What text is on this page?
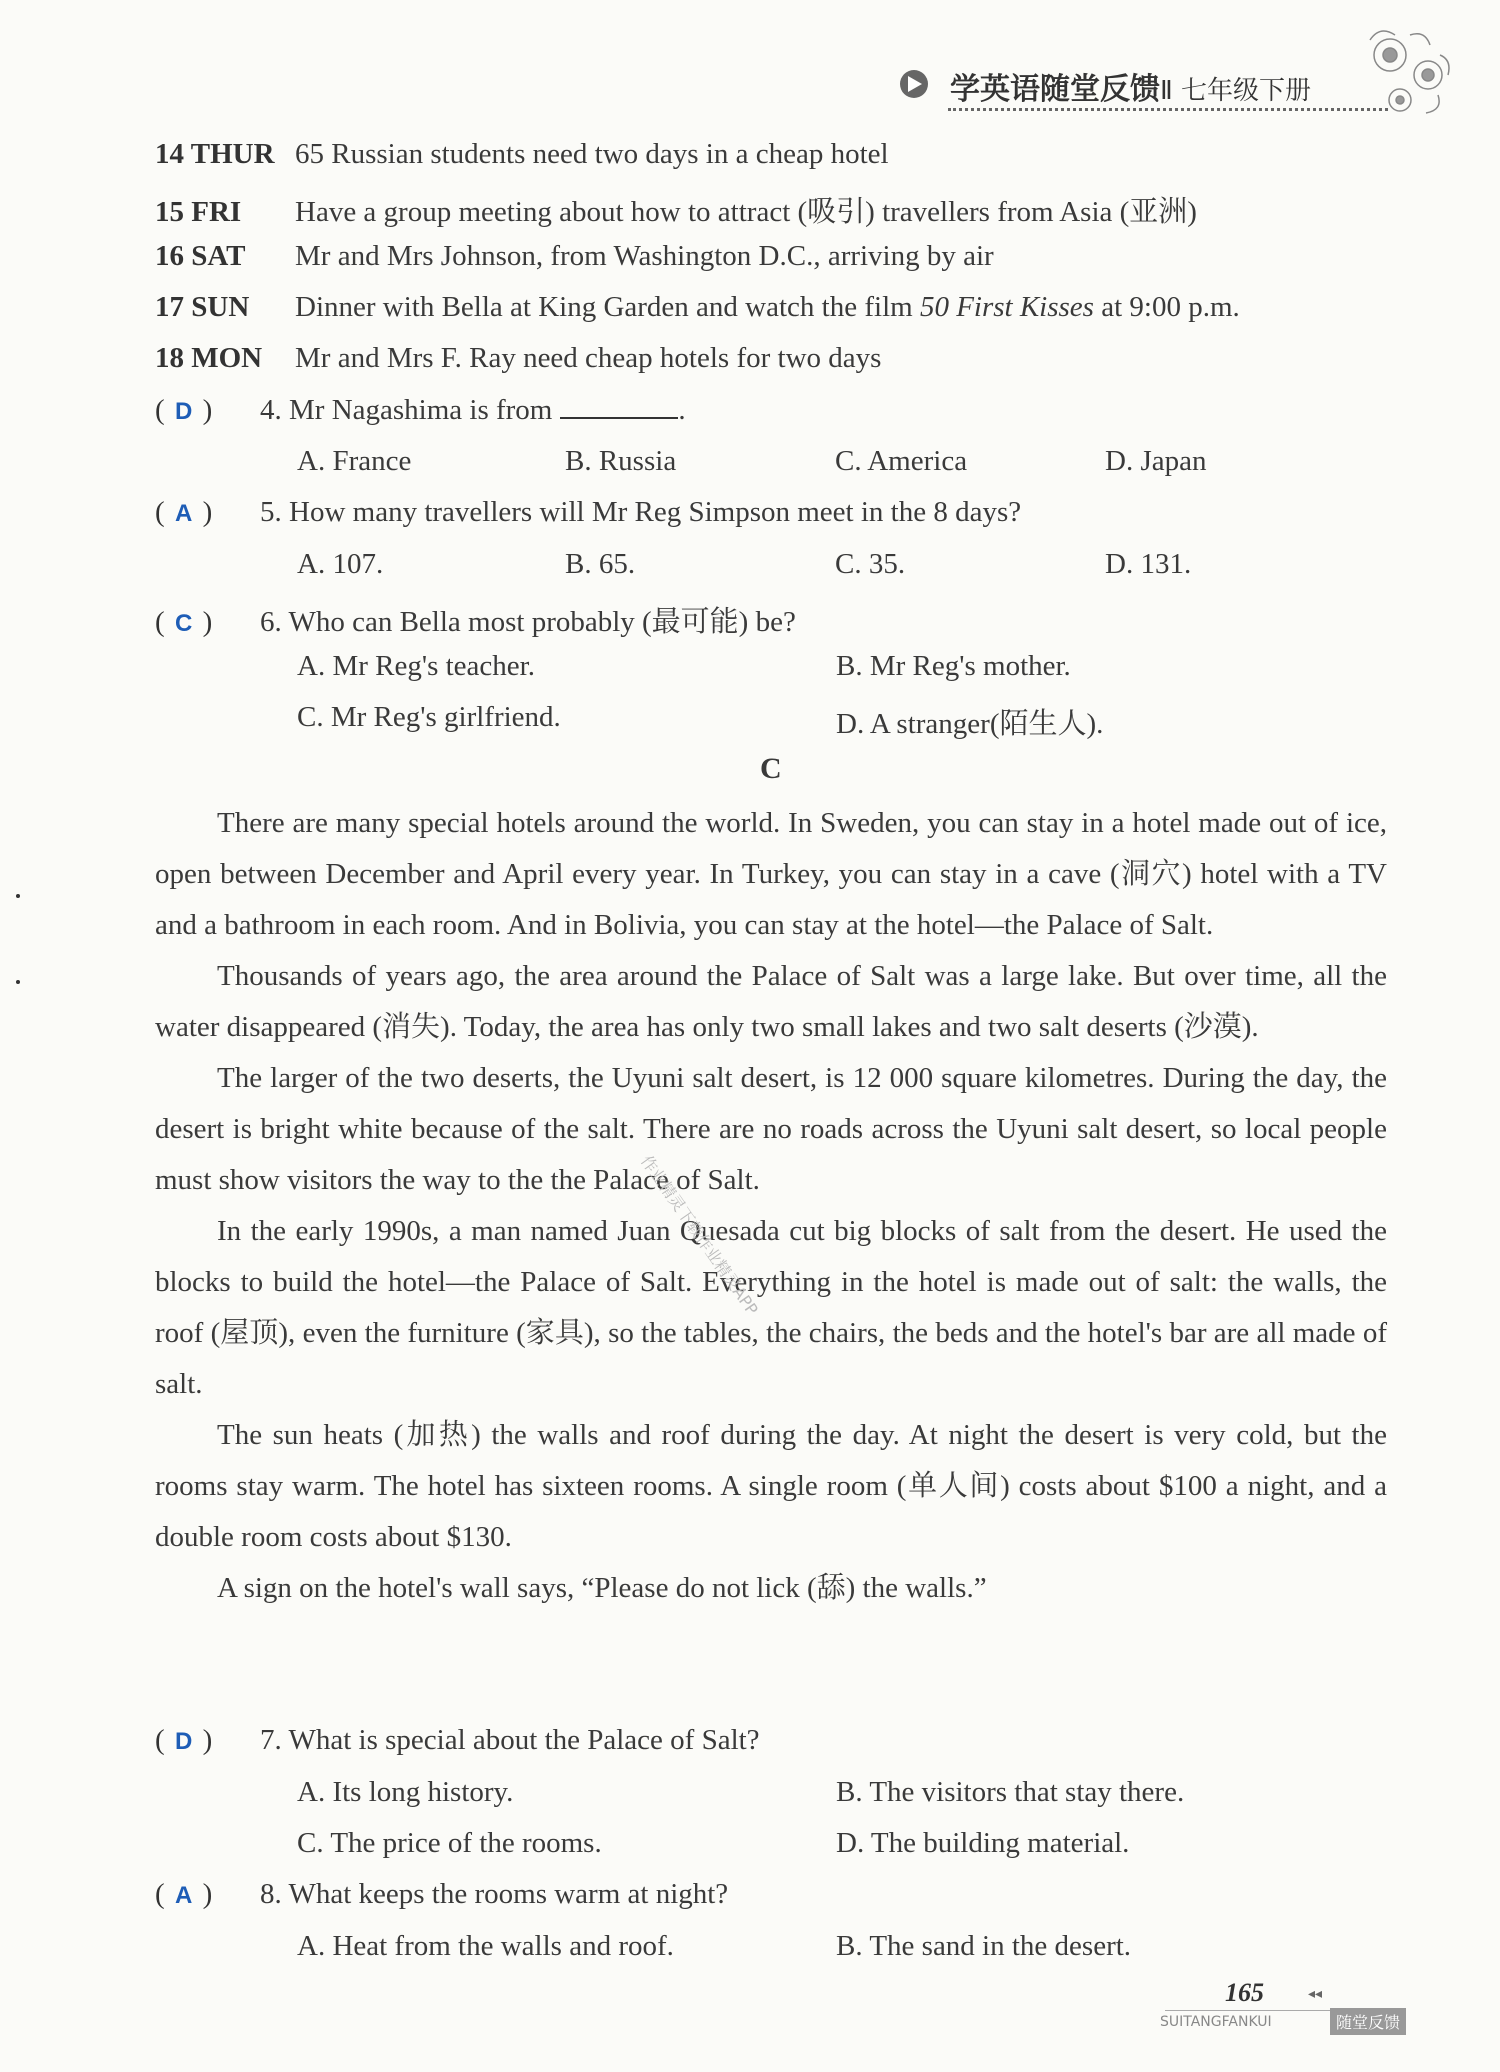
学英语随堂反馈Ⅱ 七年级下册
14 THUR 65 Russian students need two days in a cheap hotel
15 FRI Have a group meeting about how to attract (吸引) travellers from Asia (亚洲)
16 SAT Mr and Mrs Johnson, from Washington D.C., arriving by air
17 SUN Dinner with Bella at King Garden and watch the film 50 First Kisses at 9:00 p.m.
18 MON Mr and Mrs F. Ray need cheap hotels for two days
( D ) 4. Mr Nagashima is from	.
A. France	B. Russia	C. America	D. Japan
( A ) 5. How many travellers will Mr Reg Simpson meet in the 8 days?
A. 107.	B. 65.	C. 35.	D. 131.
( C ) 6. Who can Bella most probably (最可能) be?
A. Mr Reg's teacher.	B. Mr Reg's mother.
C. Mr Reg's girlfriend.	D. A stranger(陌生人).
C

There are many special hotels around the world. In Sweden, you can stay in a hotel made out of ice, open between December and April every year. In Turkey, you can stay in a cave (洞穴) hotel with a TV and a bathroom in each room. And in Bolivia, you can stay at the hotel—the Palace of Salt.

Thousands of years ago, the area around the Palace of Salt was a large lake. But over time, all the water disappeared (消失). Today, the area has only two small lakes and two salt deserts (沙漠).

The larger of the two deserts, the Uyuni salt desert, is 12 000 square kilometres. During the day, the desert is bright white because of the salt. There are no roads across the Uyuni salt desert, so local people must show visitors the way to the the Palace of Salt.

In the early 1990s, a man named Juan Quesada cut big blocks of salt from the desert. He used the blocks to build the hotel—the Palace of Salt. Everything in the hotel is made out of salt: the walls, the roof (屋顶), even the furniture (家具), so the tables, the chairs, the beds and the hotel's bar are all made of salt.

The sun heats (加热) the walls and roof during the day. At night the desert is very cold, but the rooms stay warm. The hotel has sixteen rooms. A single room (单人间) costs about $100 a night, and a double room costs about $130.

A sign on the hotel's wall says, “Please do not lick (舔) the walls.”

作业精灵下载作业精灵APP
( D ) 7. What is special about the Palace of Salt?
A. Its long history.	B. The visitors that stay there.
C. The price of the rooms.	D. The building material.
( A ) 8. What keeps the rooms warm at night?
A. Heat from the walls and roof.	B. The sand in the desert.
165	◂◂
SUITANGFANKUI	随堂反馈
